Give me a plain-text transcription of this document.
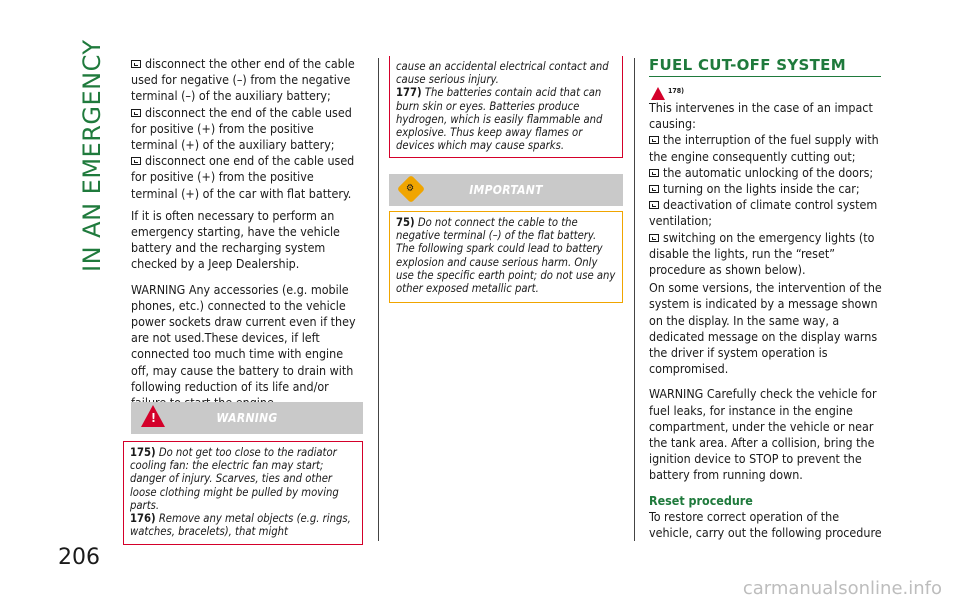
IN AN EMERGENCY
206
disconnect the other end of the cable used for negative (–) from the negative terminal (–) of the auxiliary battery;
disconnect the end of the cable used for positive (+) from the positive terminal (+) of the auxiliary battery;
disconnect one end of the cable used for positive (+) from the positive terminal (+) of the car with flat battery.

If it is often necessary to perform an emergency starting, have the vehicle battery and the recharging system checked by a Jeep Dealership.

WARNING Any accessories (e.g. mobile phones, etc.) connected to the vehicle power sockets draw current even if they are not used.These devices, if left connected too much time with engine off, may cause the battery to drain with following reduction of its life and/or

!	WARNING

175) Do not get too close to the radiator cooling fan: the electric fan may start; danger of injury. Scarves, ties and other loose clothing might be pulled by moving parts.

176) Remove any metal objects (e.g. rings, watches, bracelets), that might

cause an accidental electrical contact and cause serious injury.

177) The batteries contain acid that can burn skin or eyes. Batteries produce hydrogen, which is easily flammable and explosive. Thus keep away flames or devices which may cause sparks.

⚙	IMPORTANT

75) Do not connect the cable to the negative terminal (–) of the flat battery. The following spark could lead to battery explosion and cause serious harm. Only use the specific earth point; do not use any other exposed metallic part.

FUEL CUT-OFF SYSTEM
178)
This intervenes in the case of an impact causing:
the interruption of the fuel supply with the engine consequently cutting out;
the automatic unlocking of the doors;
turning on the lights inside the car;
deactivation of climate control system ventilation;
switching on the emergency lights (to disable the lights, run the “reset” procedure as shown below).

On some versions, the intervention of the system is indicated by a message shown on the display. In the same way, a dedicated message on the display warns the driver if system operation is compromised.

WARNING Carefully check the vehicle for fuel leaks, for instance in the engine compartment, under the vehicle or near the tank area. After a collision, bring the ignition device to STOP to prevent the battery from running down.

Reset procedure

To restore correct operation of the vehicle, carry out the following procedure

carmanualsonline.info
